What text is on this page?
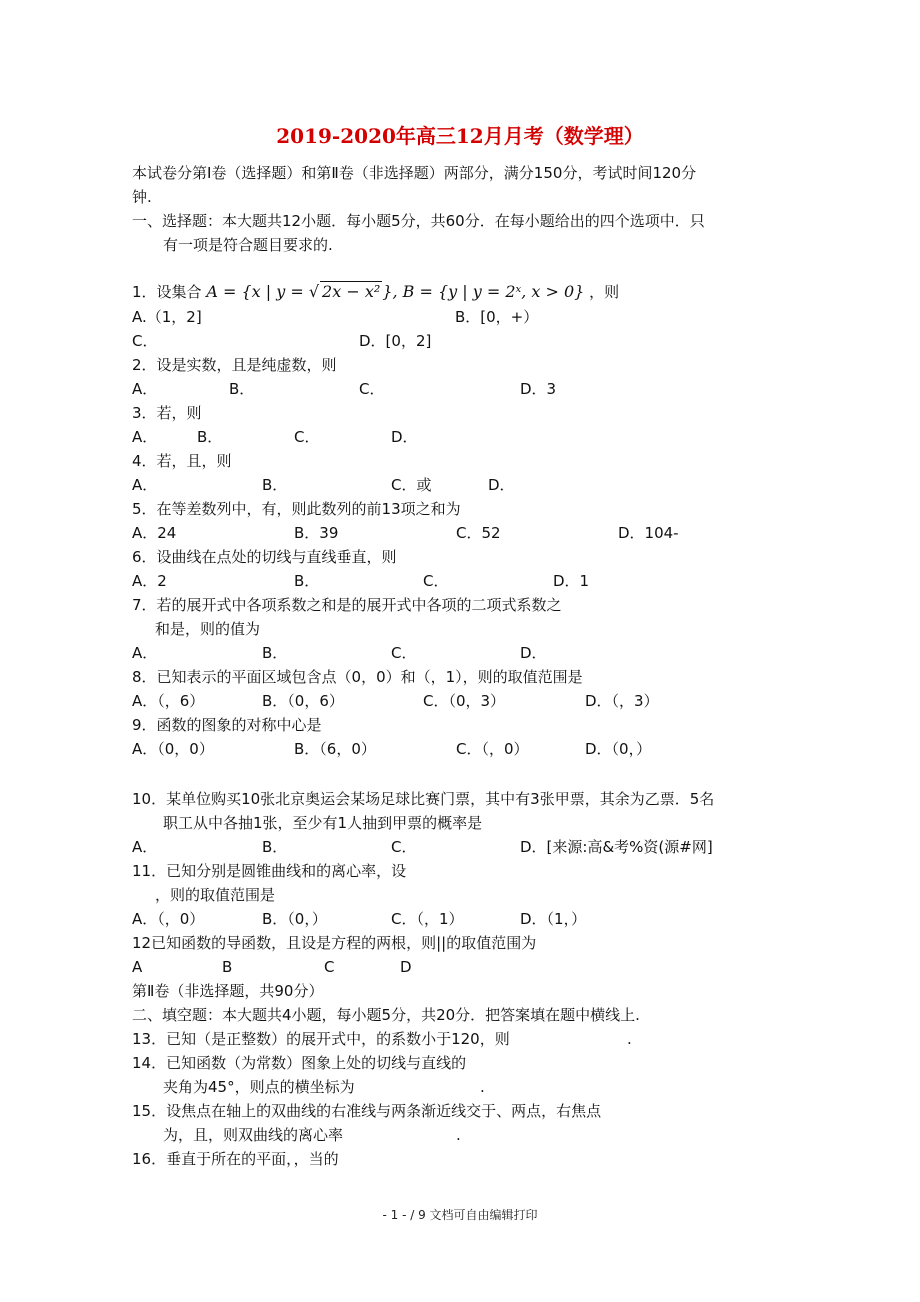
2019-2020年高三12月月考（数学理）
本试卷分第Ⅰ卷（选择题）和第Ⅱ卷（非选择题）两部分，满分150分，考试时间120分
钟.
一、选择题：本大题共12小题．每小题5分，共60分．在每小题给出的四个选项中．只
有一项是符合题目要求的.
A.（1，2]	B．[0，+）
C．	D．[0，2]
2．设是实数，且是纯虚数，则
A．	B．	C．	D．3
3．若，则
A．	B．	C．	D．
4．若，且，则
A．	B．	C．或	D．
5．在等差数列中，有，则此数列的前13项之和为
A．24	B．39	C．52	D．104-
6．设曲线在点处的切线与直线垂直，则
A．2	B．	C．	D．1
7．若的展开式中各项系数之和是的展开式中各项的二项式系数之
和是，则的值为
A．	B．	C．	D．
8．已知表示的平面区域包含点（0，0）和（，1），则的取值范围是
A．（，6）	B．（0，6）	C．（0，3）	D．（，3）
9．函数的图象的对称中心是
A．（0，0）	B．（6，0）	C．（，0）	D．（0，）
10．某单位购买10张北京奥运会某场足球比赛门票，其中有3张甲票，其余为乙票．5名
职工从中各抽1张，至少有1人抽到甲票的概率是
A．	B．	C．	D．[来源:高&考%资(源#网]
11．已知分别是圆锥曲线和的离心率，设
，则的取值范围是
A．（，0）	B．（0，）	C．（，1）	D．（1，）
12已知函数的导函数，且设是方程的两根，则||的取值范围为
A	B	C	D
第Ⅱ卷（非选择题，共90分）
二、填空题：本大题共4小题，每小题5分，共20分．把答案填在题中横线上.
13．已知（是正整数）的展开式中，的系数小于120，则	.
14．已知函数（为常数）图象上处的切线与直线的
夹角为45°，则点的横坐标为	.
15．设焦点在轴上的双曲线的右准线与两条渐近线交于、两点，右焦点
为，且，则双曲线的离心率	.
16．垂直于所在的平面，，当的
1．设集合 A = {x | y = √ 2x − x² }, B = {y | y = 2ˣ, x > 0} ，则
- 1 - / 9 文档可自由编辑打印
